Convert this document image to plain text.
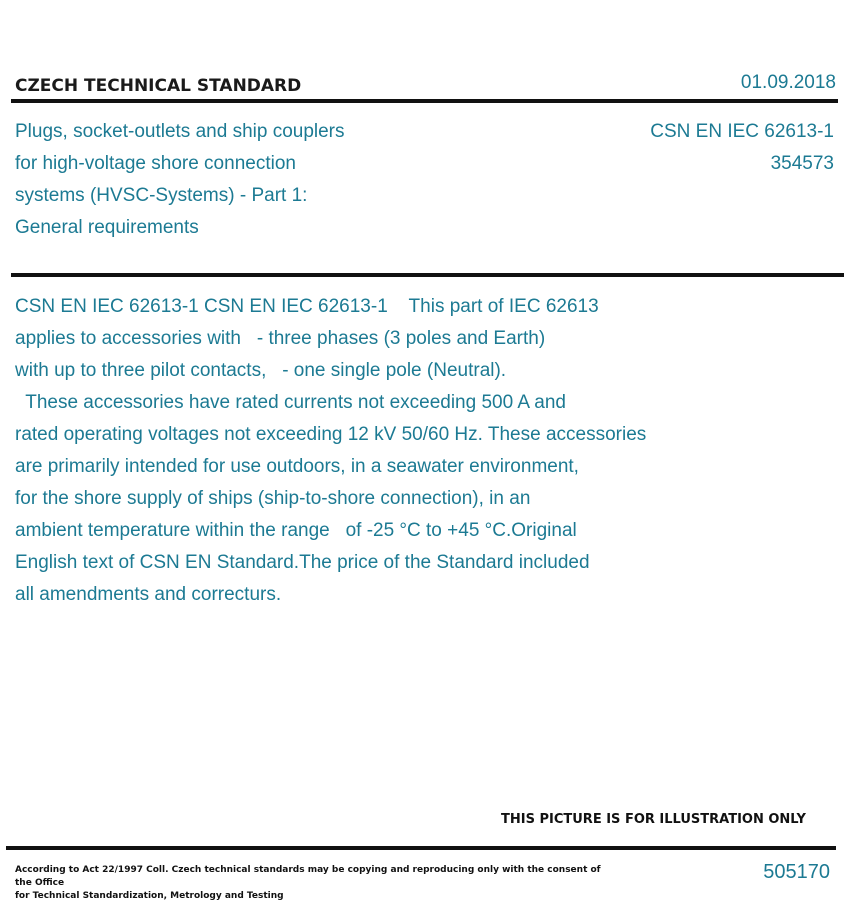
CZECH TECHNICAL STANDARD	01.09.2018
Plugs, socket-outlets and ship couplers
for high-voltage shore connection
systems (HVSC-Systems) - Part 1:
General requirements
CSN EN IEC 62613-1
354573
CSN EN IEC 62613-1 CSN EN IEC 62613-1    This part of IEC 62613
applies to accessories with   - three phases (3 poles and Earth)
with up to three pilot contacts,   - one single pole (Neutral).
These accessories have rated currents not exceeding 500 A and
rated operating voltages not exceeding 12 kV 50/60 Hz. These accessories
are primarily intended for use outdoors, in a seawater environment,
for the shore supply of ships (ship-to-shore connection), in an
ambient temperature within the range   of -25 °C to +45 °C.Original
English text of CSN EN Standard.The price of the Standard included
all amendments and correcturs.
THIS PICTURE IS FOR ILLUSTRATION ONLY
According to Act 22/1997 Coll. Czech technical standards may be copying and reproducing only with the consent of the Office
for Technical Standardization, Metrology and Testing
505170
